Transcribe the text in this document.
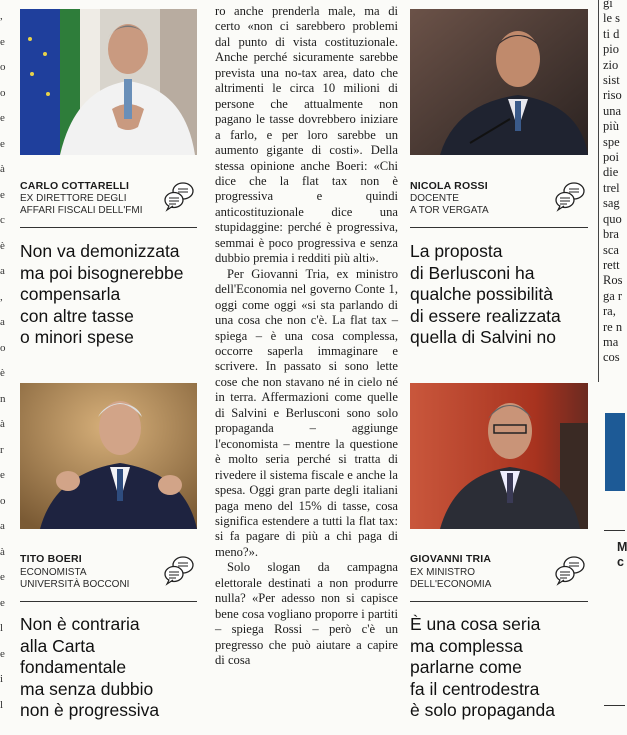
,
e
o
o
e
e
à
e
c
è
a
,
a
o
è
n
à
r
e
o
a
à
e
e
l
e
i
l
CARLO COTTARELLI
EX DIRETTORE DEGLI
AFFARI FISCALI DELL'FMI
Non va demonizzata
ma poi bisognerebbe
compensarla
con altre tasse
o minori spese
NICOLA ROSSI
DOCENTE
A TOR VERGATA
La proposta
di Berlusconi ha
qualche possibilità
di essere realizzata
quella di Salvini no
TITO BOERI
ECONOMISTA
UNIVERSITÀ BOCCONI
Non è contraria
alla Carta
fondamentale
ma senza dubbio
non è progressiva
GIOVANNI TRIA
EX MINISTRO
DELL'ECONOMIA
È una cosa seria
ma complessa
parlarne come
fa il centrodestra
è solo propaganda

ro anche prenderla male, ma di certo «non ci sarebbero problemi dal punto di vista costituzionale. Anche perché sicuramente sarebbe prevista una no-tax area, dato che altrimenti le circa 10 milioni di persone che attualmente non pagano le tasse dovrebbero iniziare a farlo, e per loro sarebbe un aumento gigante di costi». Della stessa opinione anche Boeri: «Chi dice che la flat tax non è progressiva e quindi anticostituzionale dice una stupidaggine: perché è progressiva, semmai è poco progressiva e senza dubbio premia i redditi più alti».

Per Giovanni Tria, ex ministro dell'Economia nel governo Conte 1, oggi come oggi «si sta parlando di una cosa che non c'è. La flat tax – spiega – è una cosa complessa, occorre saperla immaginare e scrivere. In passato si sono lette cose che non stavano né in cielo né in terra. Affermazioni come quelle di Salvini e Berlusconi sono solo propaganda – aggiunge l'economista – mentre la questione è molto seria perché si tratta di rivedere il sistema fiscale e anche la spesa. Oggi gran parte degli italiani paga meno del 15% di tasse, cosa significa estendere a tutti la flat tax: si fa pagare di più a chi paga di meno?».

Solo slogan da campagna elettorale destinati a non produrre nulla? «Per adesso non si capisce bene cosa vogliano proporre i partiti – spiega Rossi – però c'è un pregresso che può aiutare a capire di cosa

gi
le s
ti d
pio
zio
sist
riso
una
più
spe
poi
die
trel
sag
quo
bra
sca
rett
Ros
ga r
ra,
re n
ma
cos
M
c
